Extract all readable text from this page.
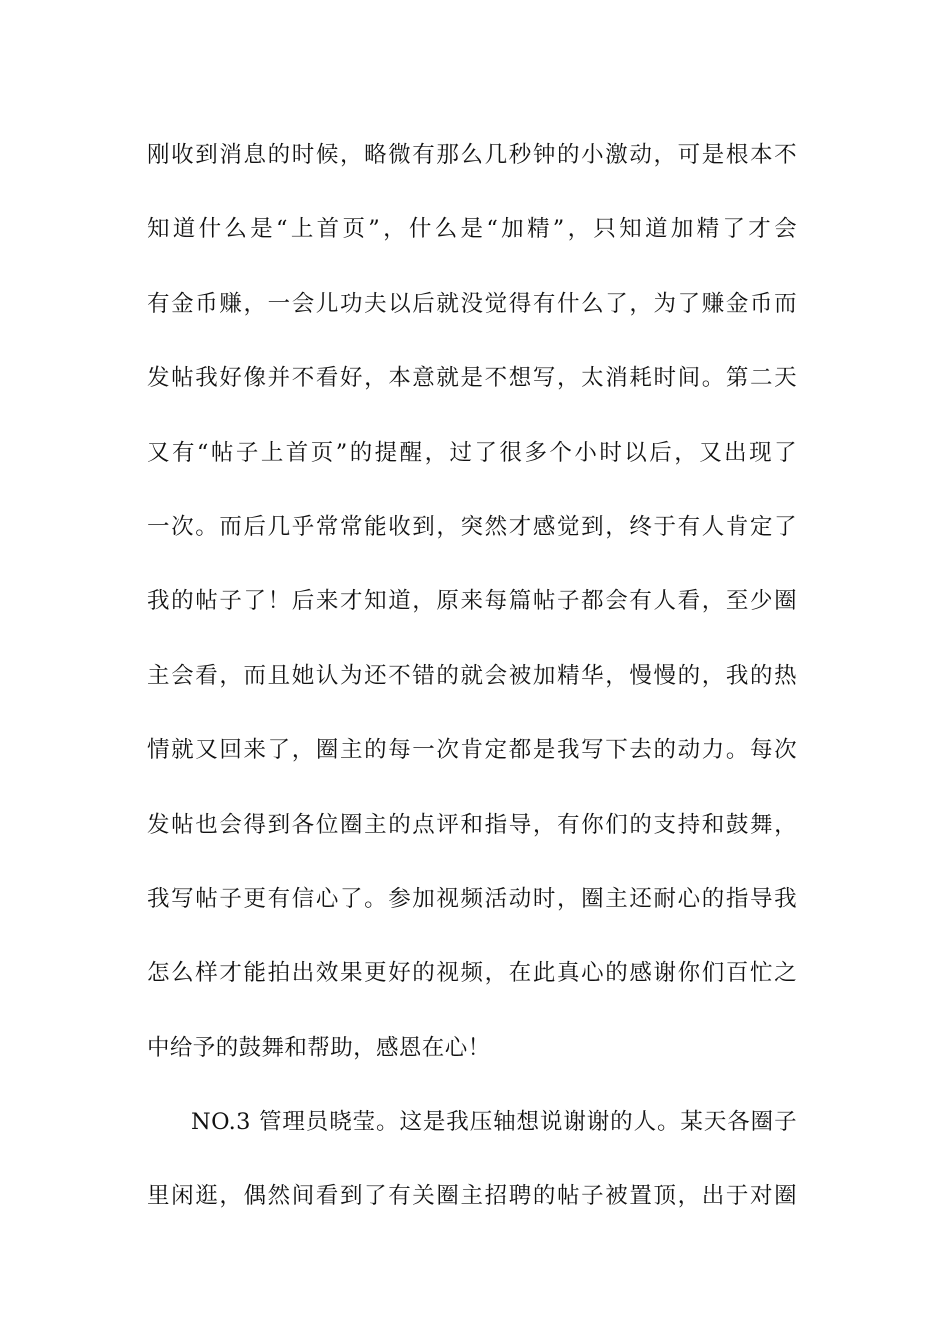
刚收到消息的时候，略微有那么几秒钟的小激动，可是根本不
知道什么是“上首页”，什么是“加精”，只知道加精了才会
有金币赚，一会儿功夫以后就没觉得有什么了，为了赚金币而
发帖我好像并不看好，本意就是不想写，太消耗时间。第二天
又有“帖子上首页”的提醒，过了很多个小时以后，又出现了
一次。而后几乎常常能收到，突然才感觉到，终于有人肯定了
我的帖子了！后来才知道，原来每篇帖子都会有人看，至少圈
主会看，而且她认为还不错的就会被加精华，慢慢的，我的热
情就又回来了，圈主的每一次肯定都是我写下去的动力。每次
发帖也会得到各位圈主的点评和指导，有你们的支持和鼓舞，
我写帖子更有信心了。参加视频活动时，圈主还耐心的指导我
怎么样才能拍出效果更好的视频，在此真心的感谢你们百忙之
中给予的鼓舞和帮助，感恩在心！
NO.3 管理员晓莹。这是我压轴想说谢谢的人。某天各圈子
里闲逛，偶然间看到了有关圈主招聘的帖子被置顶，出于对圈
